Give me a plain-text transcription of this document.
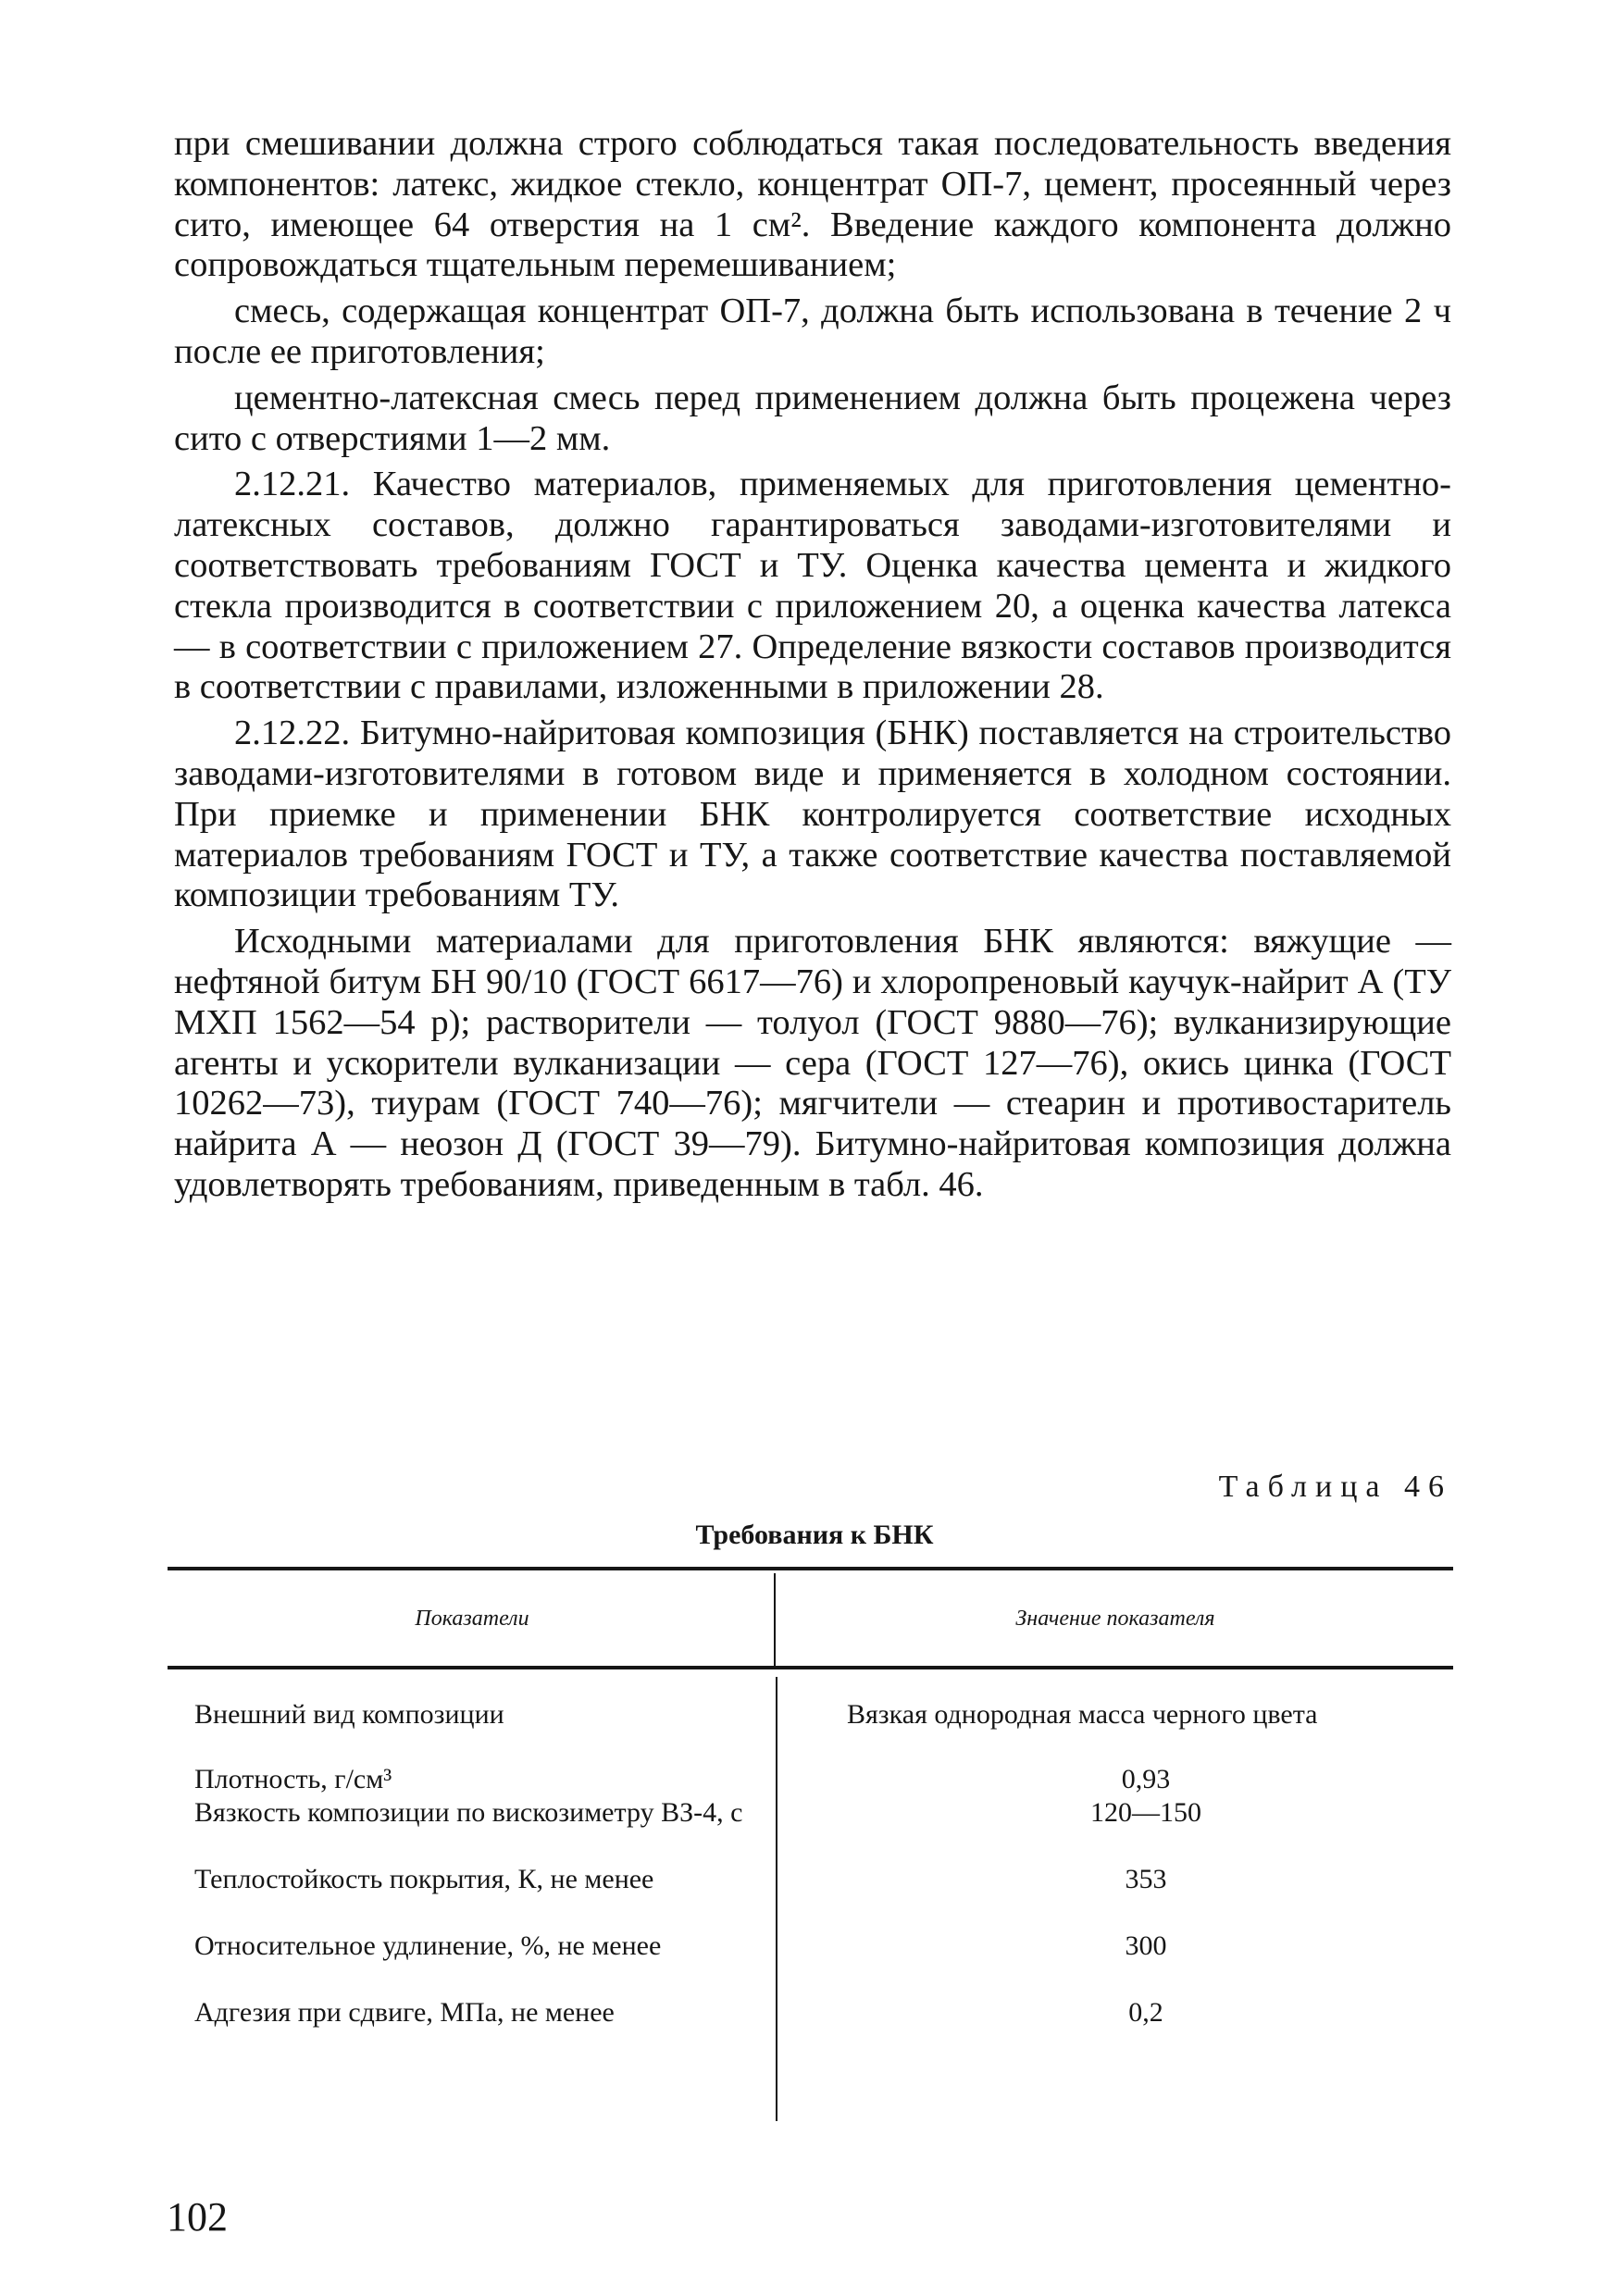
при смешивании должна строго соблюдаться такая последовательность введения компонентов: латекс, жидкое стекло, концентрат ОП-7, цемент, просеянный через сито, имеющее 64 отверстия на 1 см². Введение каждого компонента должно сопровождаться тщательным перемешиванием;

смесь, содержащая концентрат ОП-7, должна быть использована в течение 2 ч после ее приготовления;

цементно-латексная смесь перед применением должна быть процежена через сито с отверстиями 1—2 мм.

2.12.21. Качество материалов, применяемых для приготовления цементно-латексных составов, должно гарантироваться заводами-изготовителями и соответствовать требованиям ГОСТ и ТУ. Оценка качества цемента и жидкого стекла производится в соответствии с приложением 20, а оценка качества латекса — в соответствии с приложением 27. Определение вязкости составов производится в соответствии с правилами, изложенными в приложении 28.

2.12.22. Битумно-найритовая композиция (БНК) поставляется на строительство заводами-изготовителями в готовом виде и применяется в холодном состоянии. При приемке и применении БНК контролируется соответствие исходных материалов требованиям ГОСТ и ТУ, а также соответствие качества поставляемой композиции требованиям ТУ.

Исходными материалами для приготовления БНК являются: вяжущие — нефтяной битум БН 90/10 (ГОСТ 6617—76) и хлоропреновый каучук-найрит А (ТУ МХП 1562—54 р); растворители — толуол (ГОСТ 9880—76); вулканизирующие агенты и ускорители вулканизации — сера (ГОСТ 127—76), окись цинка (ГОСТ 10262—73), тиурам (ГОСТ 740—76); мягчители — стеарин и противостаритель найрита А — неозон Д (ГОСТ 39—79). Битумно-найритовая композиция должна удовлетворять требованиям, приведенным в табл. 46.

Таблица 46
Требования к БНК
Показатели	Значение показателя
Внешний вид композиции	Вязкая однородная масса черного цвета
Плотность, г/см³	0,93
Вязкость композиции по вискозиметру ВЗ-4, с	120—150
Теплостойкость покрытия, К, не менее	353
Относительное удлинение, %, не менее	300
Адгезия при сдвиге, МПа, не менее	0,2
102
